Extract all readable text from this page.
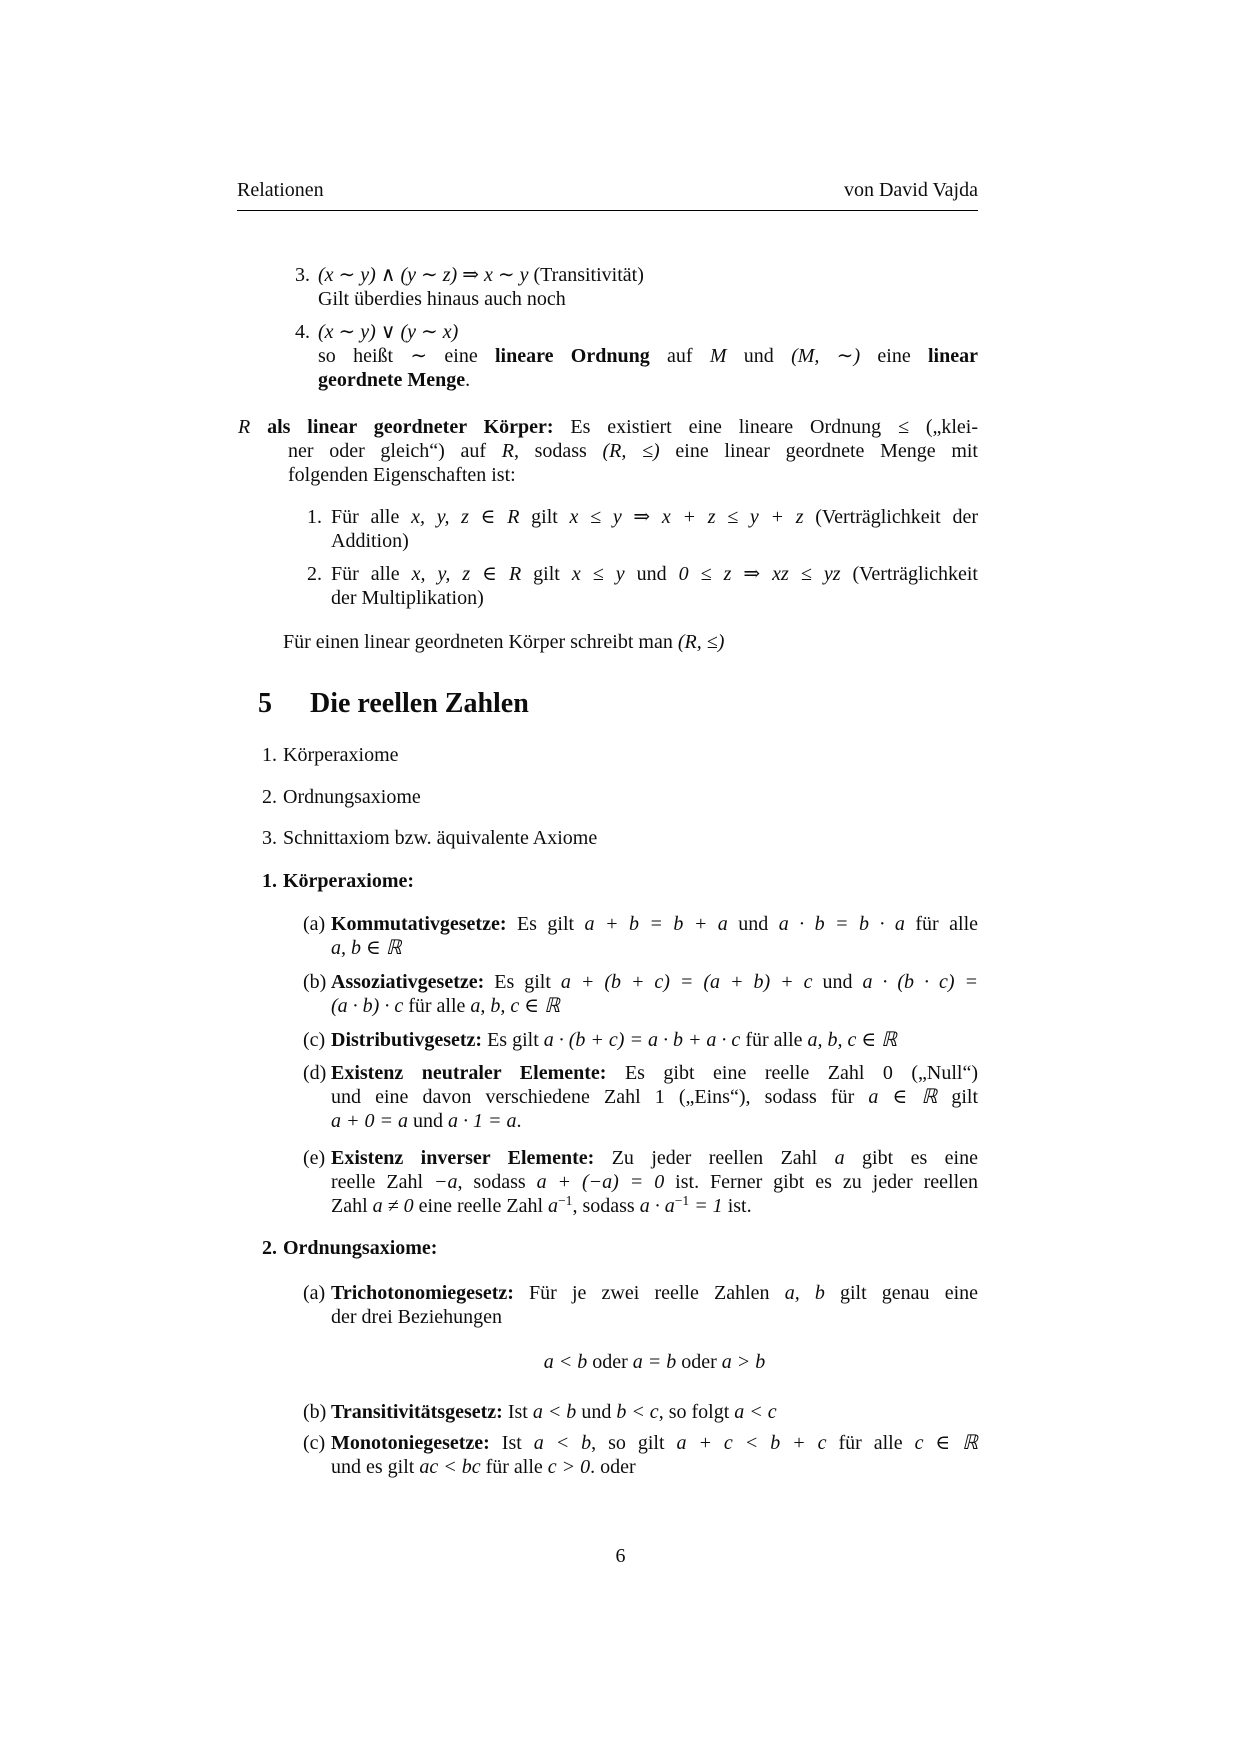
Relationen	von David Vajda
3. (x ∼ y) ∧ (y ∼ z) ⇒ x ∼ y (Transitivität)
Gilt überdies hinaus auch noch
4. (x ∼ y) ∨ (y ∼ x)
so heißt ∼ eine lineare Ordnung auf M und (M, ∼) eine linear
geordnete Menge.
R als linear geordneter Körper: Es existiert eine lineare Ordnung ≤ („klei-
ner oder gleich“) auf R, sodass (R, ≤) eine linear geordnete Menge mit
folgenden Eigenschaften ist:
1. Für alle x, y, z ∈ R gilt x ≤ y ⇒ x + z ≤ y + z (Verträglichkeit der
Addition)
2. Für alle x, y, z ∈ R gilt x ≤ y und 0 ≤ z ⇒ xz ≤ yz (Verträglichkeit
der Multiplikation)
Für einen linear geordneten Körper schreibt man (R, ≤)
5	Die reellen Zahlen
1. Körperaxiome
2. Ordnungsaxiome
3. Schnittaxiom bzw. äquivalente Axiome
1. Körperaxiome:
(a) Kommutativgesetze: Es gilt a + b = b + a und a · b = b · a für alle
a, b ∈ ℝ
(b) Assoziativgesetze: Es gilt a + (b + c) = (a + b) + c und a · (b · c) =
(a · b) · c für alle a, b, c ∈ ℝ
(c) Distributivgesetz: Es gilt a · (b + c) = a · b + a · c für alle a, b, c ∈ ℝ
(d) Existenz neutraler Elemente: Es gibt eine reelle Zahl 0 („Null“)
und eine davon verschiedene Zahl 1 („Eins“), sodass für a ∈ ℝ gilt
a + 0 = a und a · 1 = a.
(e) Existenz inverser Elemente: Zu jeder reellen Zahl a gibt es eine
reelle Zahl −a, sodass a + (−a) = 0 ist. Ferner gibt es zu jeder reellen
Zahl a ≠ 0 eine reelle Zahl $a^{-1}$, sodass $a \cdot a^{-1} = 1$ ist.
2. Ordnungsaxiome:
(a) Trichotonomiegesetz: Für je zwei reelle Zahlen a, b gilt genau eine
der drei Beziehungen
a < b oder a = b oder a > b
(b) Transitivitätsgesetz: Ist a < b und b < c, so folgt a < c
(c) Monotoniegesetze: Ist a < b, so gilt a + c < b + c für alle c ∈ ℝ
und es gilt ac < bc für alle c > 0. oder
6
